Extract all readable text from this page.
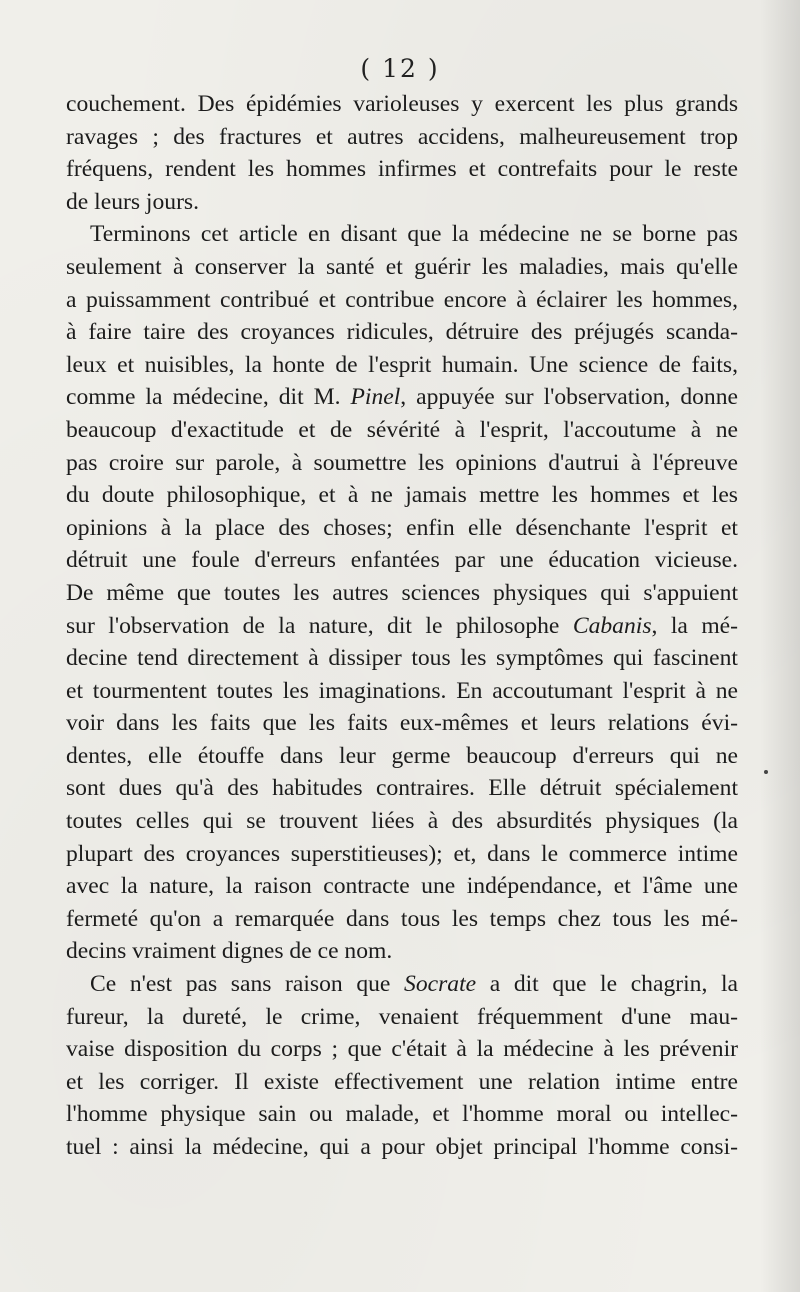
( 12 )
couchement. Des épidémies varioleuses y exercent les plus grands
ravages ; des fractures et autres accidens, malheureusement trop
fréquens, rendent les hommes infirmes et contrefaits pour le reste
de leurs jours.
Terminons cet article en disant que la médecine ne se borne pas
seulement à conserver la santé et guérir les maladies, mais qu'elle
a puissamment contribué et contribue encore à éclairer les hommes,
à faire taire des croyances ridicules, détruire des préjugés scanda-
leux et nuisibles, la honte de l'esprit humain. Une science de faits,
comme la médecine, dit M. Pinel, appuyée sur l'observation, donne
beaucoup d'exactitude et de sévérité à l'esprit, l'accoutume à ne
pas croire sur parole, à soumettre les opinions d'autrui à l'épreuve
du doute philosophique, et à ne jamais mettre les hommes et les
opinions à la place des choses; enfin elle désenchante l'esprit et
détruit une foule d'erreurs enfantées par une éducation vicieuse.
De même que toutes les autres sciences physiques qui s'appuient
sur l'observation de la nature, dit le philosophe Cabanis, la mé-
decine tend directement à dissiper tous les symptômes qui fascinent
et tourmentent toutes les imaginations. En accoutumant l'esprit à ne
voir dans les faits que les faits eux-mêmes et leurs relations évi-
dentes, elle étouffe dans leur germe beaucoup d'erreurs qui ne
sont dues qu'à des habitudes contraires. Elle détruit spécialement
toutes celles qui se trouvent liées à des absurdités physiques (la
plupart des croyances superstitieuses); et, dans le commerce intime
avec la nature, la raison contracte une indépendance, et l'âme une
fermeté qu'on a remarquée dans tous les temps chez tous les mé-
decins vraiment dignes de ce nom.
Ce n'est pas sans raison que Socrate a dit que le chagrin, la
fureur, la dureté, le crime, venaient fréquemment d'une mau-
vaise disposition du corps ; que c'était à la médecine à les prévenir
et les corriger. Il existe effectivement une relation intime entre
l'homme physique sain ou malade, et l'homme moral ou intellec-
tuel : ainsi la médecine, qui a pour objet principal l'homme consi-
